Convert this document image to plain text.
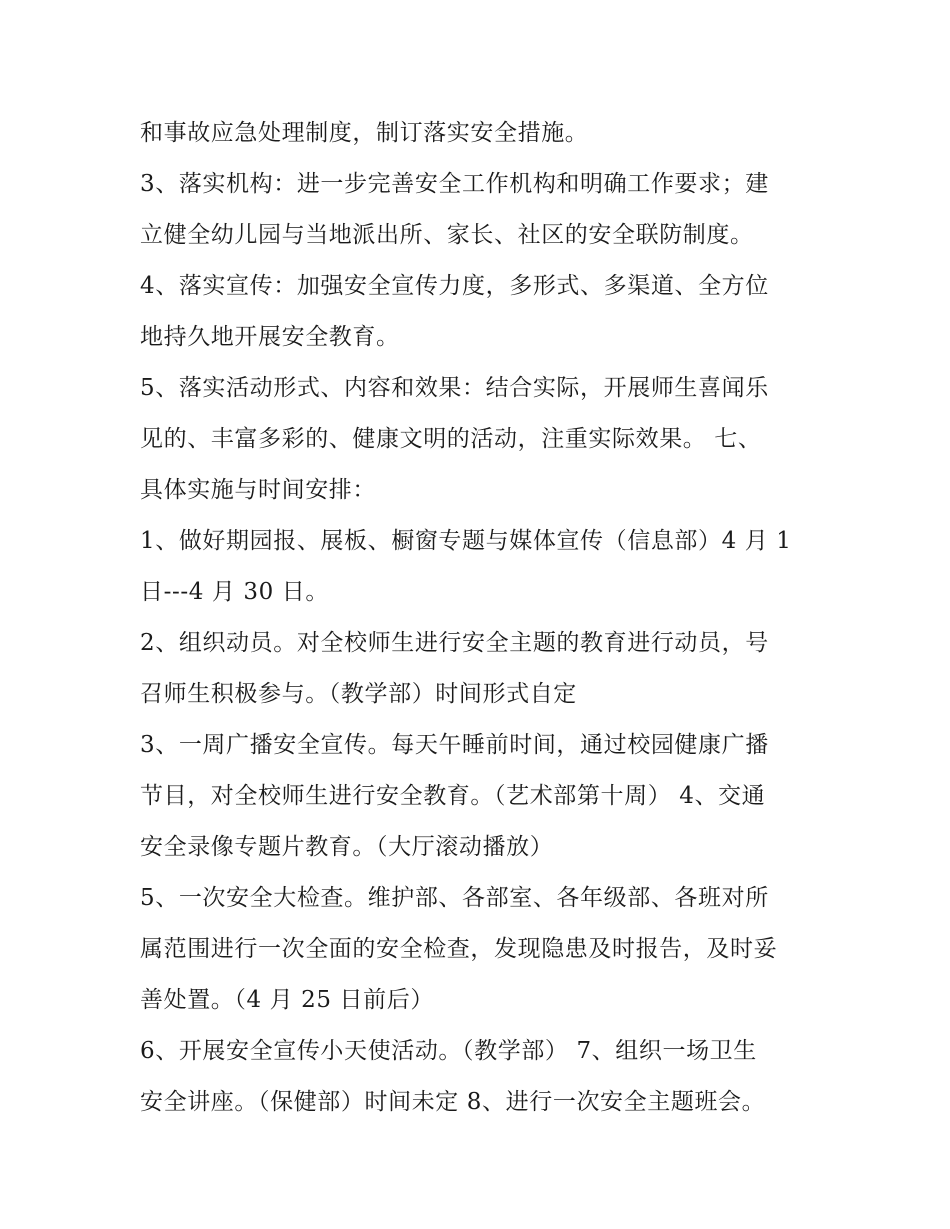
和事故应急处理制度，制订落实安全措施。
3、落实机构：进一步完善安全工作机构和明确工作要求；建
立健全幼儿园与当地派出所、家长、社区的安全联防制度。
4、落实宣传：加强安全宣传力度，多形式、多渠道、全方位
地持久地开展安全教育。
5、落实活动形式、内容和效果：结合实际，开展师生喜闻乐
见的、丰富多彩的、健康文明的活动，注重实际效果。 七、
具体实施与时间安排：
1、做好期园报、展板、橱窗专题与媒体宣传（信息部）4 月 1
日---4 月 30 日。
2、组织动员。对全校师生进行安全主题的教育进行动员，号
召师生积极参与。（教学部）时间形式自定
3、一周广播安全宣传。每天午睡前时间，通过校园健康广播
节目，对全校师生进行安全教育。（艺术部第十周） 4、交通
安全录像专题片教育。（大厅滚动播放）
5、一次安全大检查。维护部、各部室、各年级部、各班对所
属范围进行一次全面的安全检查，发现隐患及时报告，及时妥
善处置。（4 月 25 日前后）
6、开展安全宣传小天使活动。（教学部） 7、组织一场卫生
安全讲座。（保健部）时间未定 8、进行一次安全主题班会。
